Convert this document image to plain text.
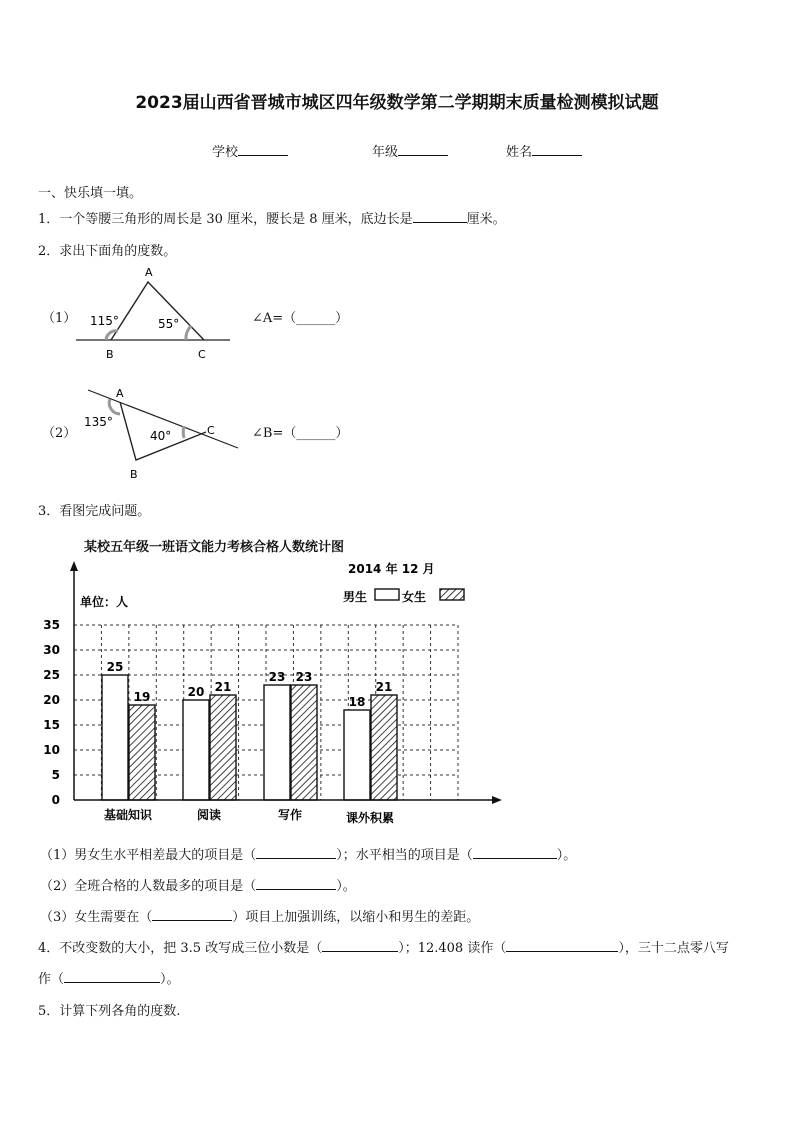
2023届山西省晋城市城区四年级数学第二学期期末质量检测模拟试题
学校	年级	姓名
一、快乐填一填。
1．一个等腰三角形的周长是 30 厘米，腰长是 8 厘米，底边长是	厘米。
2．求出下面角的度数。
（1）
A
B	C
115°	55°	∠A=（______）
（2）
A
B
C
135°
40°	∠B=（______）
3．看图完成问题。
某校五年级一班语文能力考核合格人数统计图
0
5
10
15
20
25
30
35
25
19
基础知识
20 21
阅读
23 23
写作
18
21
课外积累
单位：人
2014 年 12 月
男生	女生
（1）男女生水平相差最大的项目是（	）；水平相当的项目是（	）。
（2）全班合格的人数最多的项目是（	）。
（3）女生需要在（	）项目上加强训练，以缩小和男生的差距。
4．不改变数的大小，把 3.5 改写成三位小数是（	）；12.408 读作（	），三十二点零八写
作（	）。
5．计算下列各角的度数.
